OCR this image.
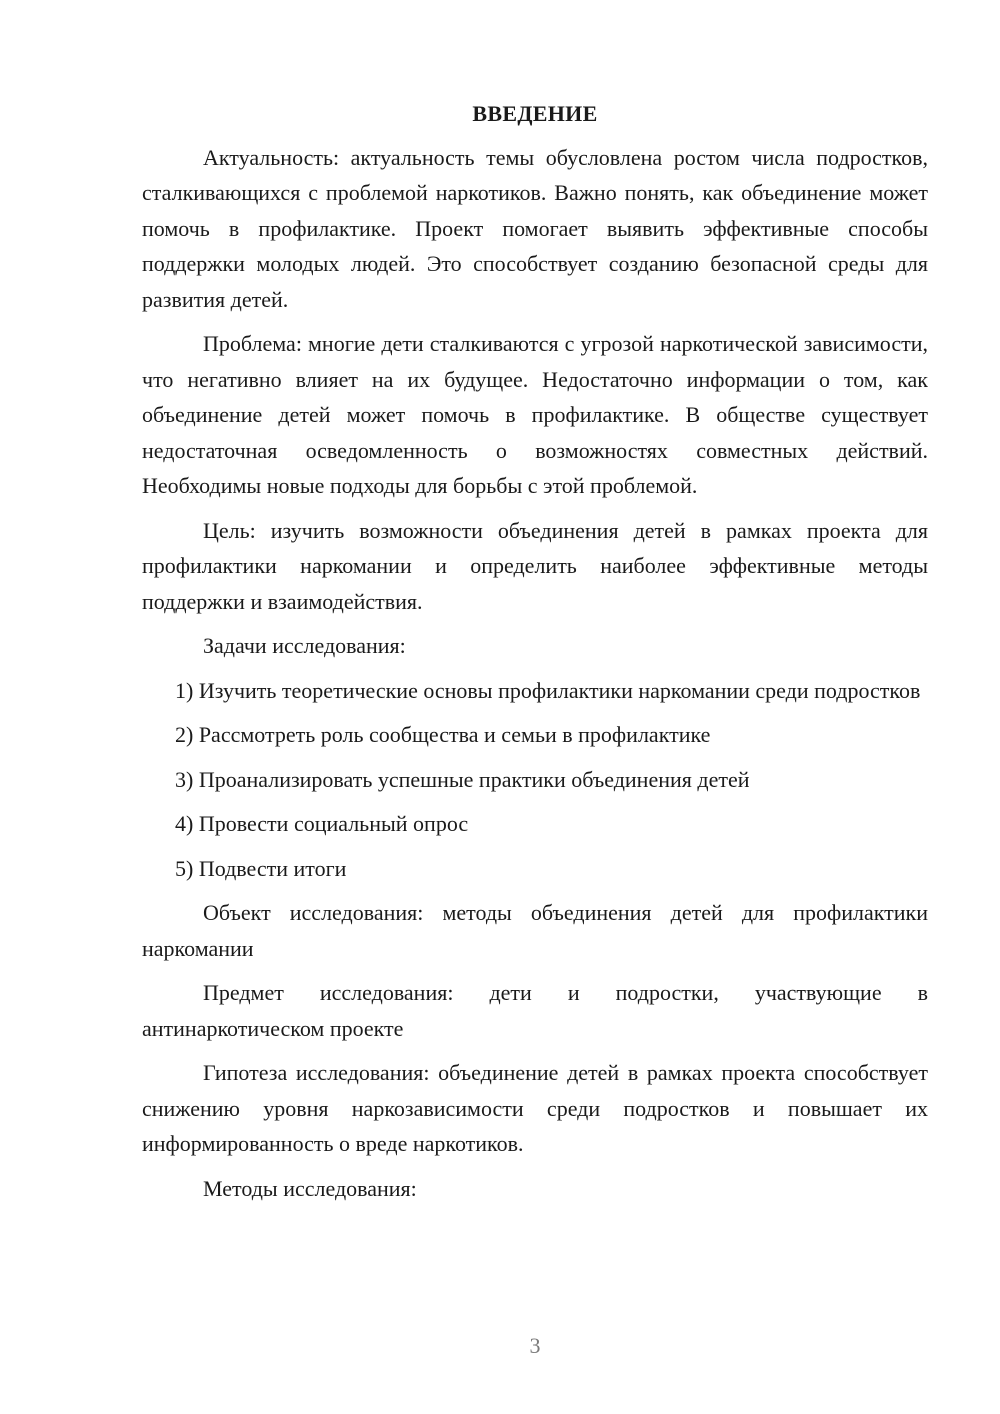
ВВЕДЕНИЕ

Актуальность: актуальность темы обусловлена ростом числа подростков, сталкивающихся с проблемой наркотиков. Важно понять, как объединение может помочь в профилактике. Проект помогает выявить эффективные способы поддержки молодых людей. Это способствует созданию безопасной среды для развития детей.

Проблема: многие дети сталкиваются с угрозой наркотической зависимости, что негативно влияет на их будущее. Недостаточно информации о том, как объединение детей может помочь в профилактике. В обществе существует недостаточная осведомленность о возможностях совместных действий. Необходимы новые подходы для борьбы с этой проблемой.

Цель: изучить возможности объединения детей в рамках проекта для профилактики наркомании и определить наиболее эффективные методы поддержки и взаимодействия.

Задачи исследования:

1) Изучить теоретические основы профилактики наркомании среди подростков

2) Рассмотреть роль сообщества и семьи в профилактике

3) Проанализировать успешные практики объединения детей

4) Провести социальный опрос

5) Подвести итоги

Объект исследования: методы объединения детей для профилактики наркомании

Предмет исследования: дети и подростки, участвующие в антинаркотическом проекте

Гипотеза исследования: объединение детей в рамках проекта способствует снижению уровня наркозависимости среди подростков и повышает их информированность о вреде наркотиков.

Методы исследования:

3
